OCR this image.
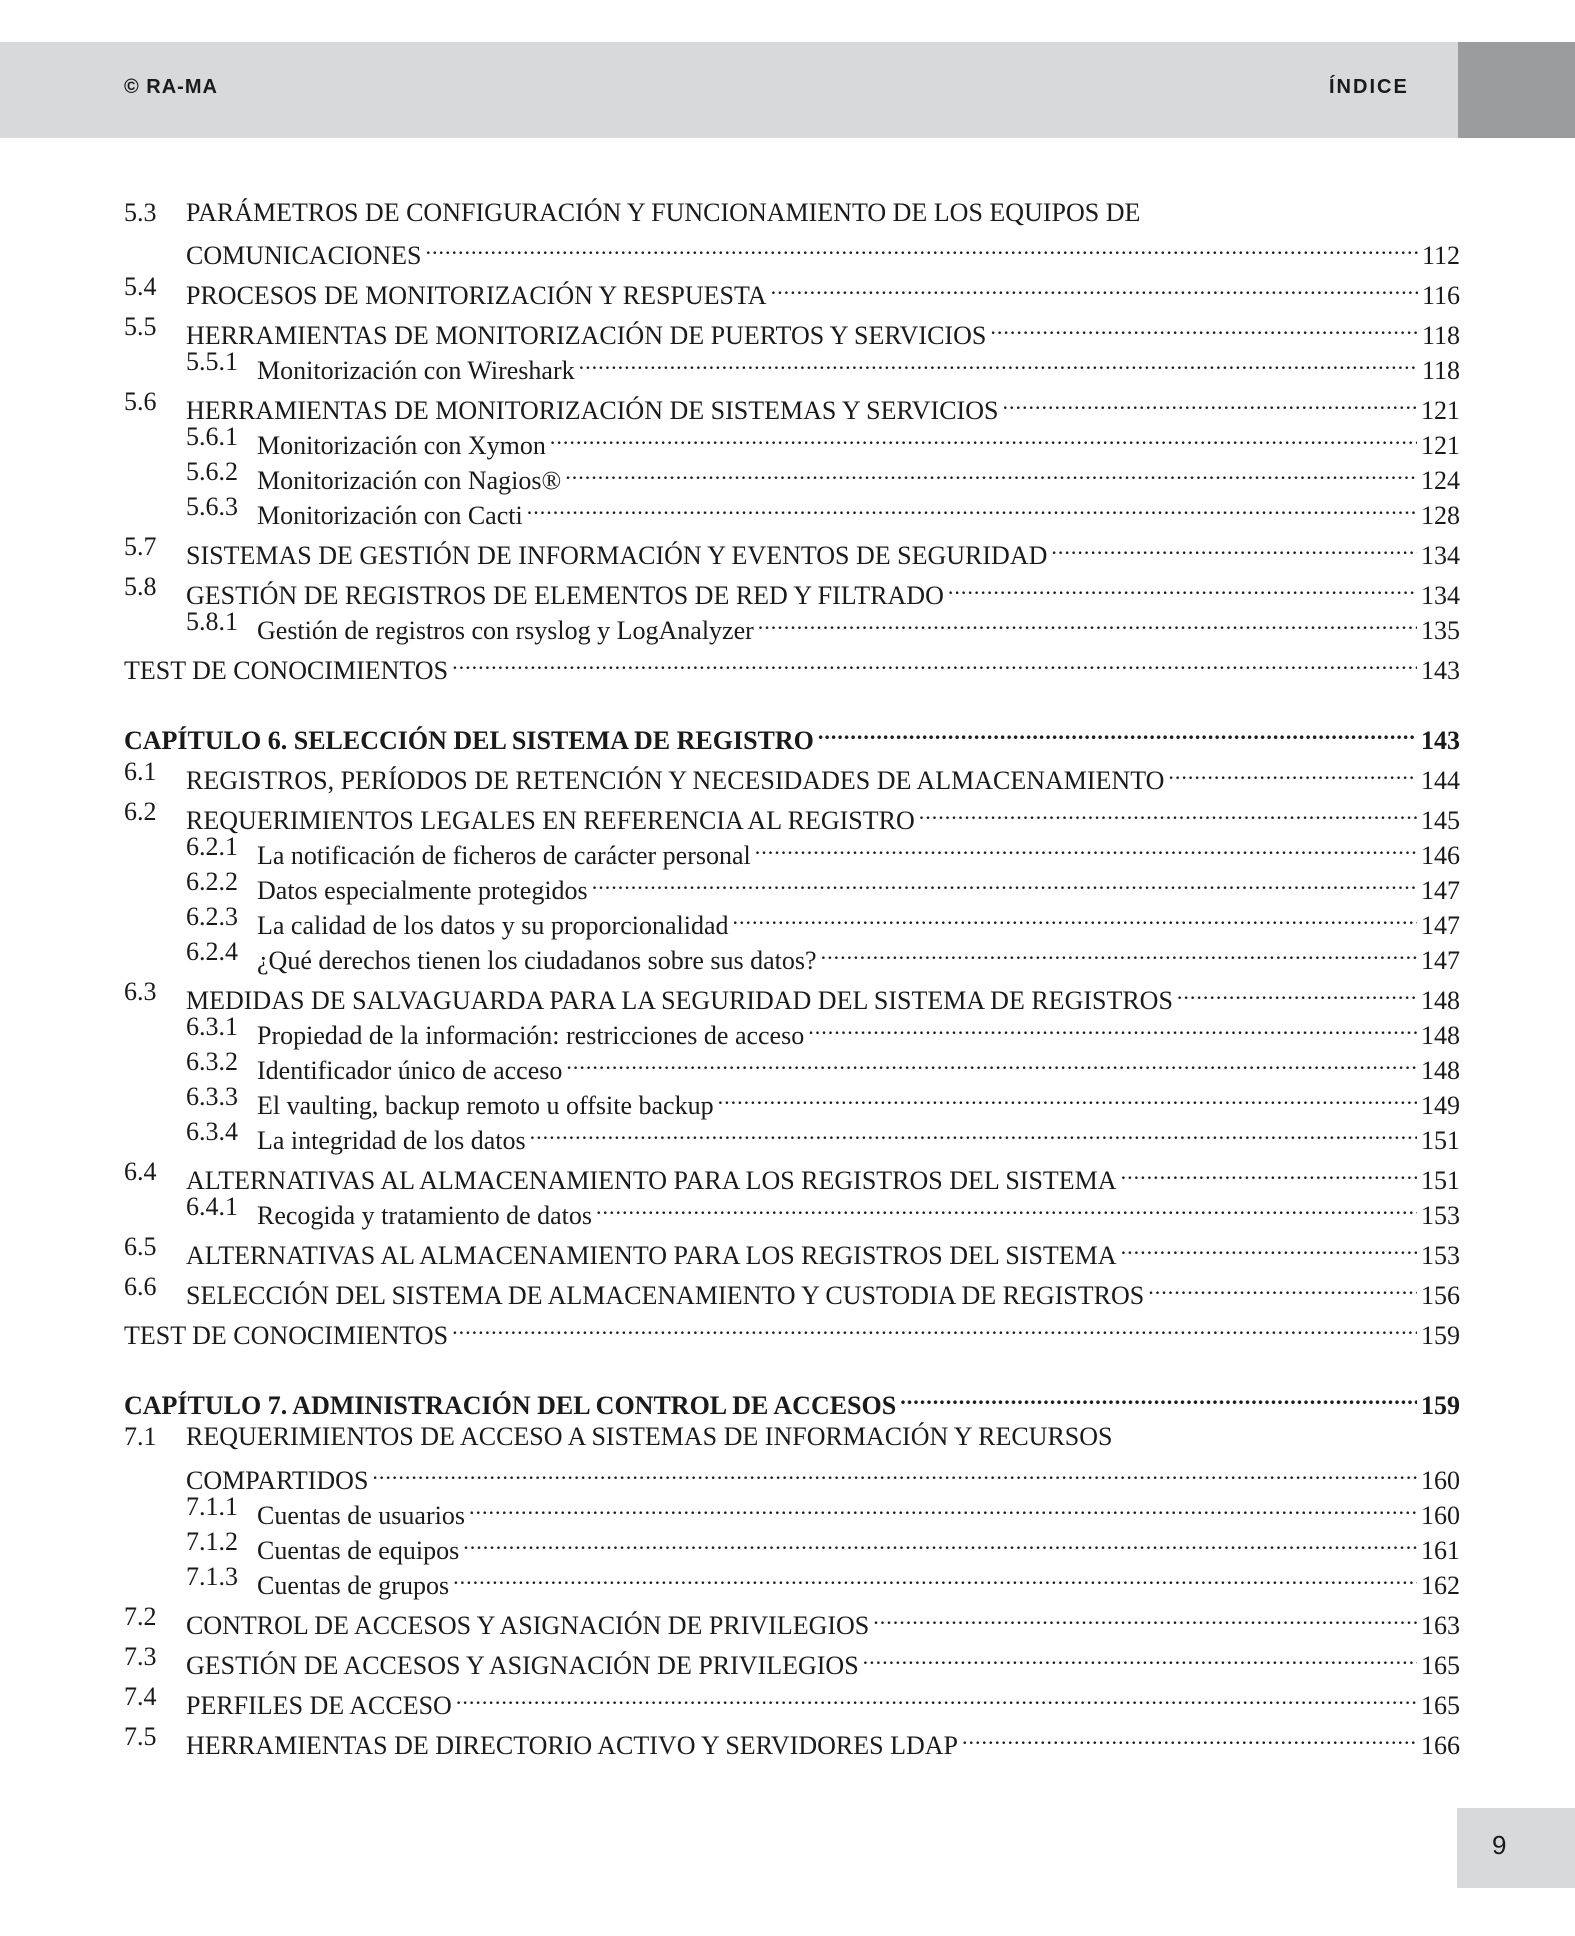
© RA-MA	ÍNDICE
5.3 PARÁMETROS DE CONFIGURACIÓN Y FUNCIONAMIENTO DE LOS EQUIPOS DE
COMUNICACIONES .....	112
5.4 PROCESOS DE MONITORIZACIÓN Y RESPUESTA .....	116
5.5 HERRAMIENTAS DE MONITORIZACIÓN DE PUERTOS Y SERVICIOS .....	118
5.5.1 Monitorización con Wireshark .....	118
5.6 HERRAMIENTAS DE MONITORIZACIÓN DE SISTEMAS Y SERVICIOS .....	121
5.6.1 Monitorización con Xymon .....	121
5.6.2 Monitorización con Nagios® .....	124
5.6.3 Monitorización con Cacti .....	128
5.7 SISTEMAS DE GESTIÓN DE INFORMACIÓN Y EVENTOS DE SEGURIDAD .....	134
5.8 GESTIÓN DE REGISTROS DE ELEMENTOS DE RED Y FILTRADO .....	134
5.8.1 Gestión de registros con rsyslog y LogAnalyzer .....	135
TEST DE CONOCIMIENTOS .....	143
CAPÍTULO 6. SELECCIÓN DEL SISTEMA DE REGISTRO .....	143
6.1 REGISTROS, PERÍODOS DE RETENCIÓN Y NECESIDADES DE ALMACENAMIENTO .....	144
6.2 REQUERIMIENTOS LEGALES EN REFERENCIA AL REGISTRO .....	145
6.2.1 La notificación de ficheros de carácter personal .....	146
6.2.2 Datos especialmente protegidos .....	147
6.2.3 La calidad de los datos y su proporcionalidad .....	147
6.2.4 ¿Qué derechos tienen los ciudadanos sobre sus datos? .....	147
6.3 MEDIDAS DE SALVAGUARDA PARA LA SEGURIDAD DEL SISTEMA DE REGISTROS .....	148
6.3.1 Propiedad de la información: restricciones de acceso .....	148
6.3.2 Identificador único de acceso .....	148
6.3.3 El vaulting, backup remoto u offsite backup .....	149
6.3.4 La integridad de los datos .....	151
6.4 ALTERNATIVAS AL ALMACENAMIENTO PARA LOS REGISTROS DEL SISTEMA .....	151
6.4.1 Recogida y tratamiento de datos .....	153
6.5 ALTERNATIVAS AL ALMACENAMIENTO PARA LOS REGISTROS DEL SISTEMA .....	153
6.6 SELECCIÓN DEL SISTEMA DE ALMACENAMIENTO Y CUSTODIA DE REGISTROS .....	156
TEST DE CONOCIMIENTOS .....	159
CAPÍTULO 7. ADMINISTRACIÓN DEL CONTROL DE ACCESOS .....	159
7.1 REQUERIMIENTOS DE ACCESO A SISTEMAS DE INFORMACIÓN Y RECURSOS
COMPARTIDOS .....	160
7.1.1 Cuentas de usuarios .....	160
7.1.2 Cuentas de equipos .....	161
7.1.3 Cuentas de grupos .....	162
7.2 CONTROL DE ACCESOS Y ASIGNACIÓN DE PRIVILEGIOS .....	163
7.3 GESTIÓN DE ACCESOS Y ASIGNACIÓN DE PRIVILEGIOS .....	165
7.4 PERFILES DE ACCESO .....	165
7.5 HERRAMIENTAS DE DIRECTORIO ACTIVO Y SERVIDORES LDAP .....	166
9
